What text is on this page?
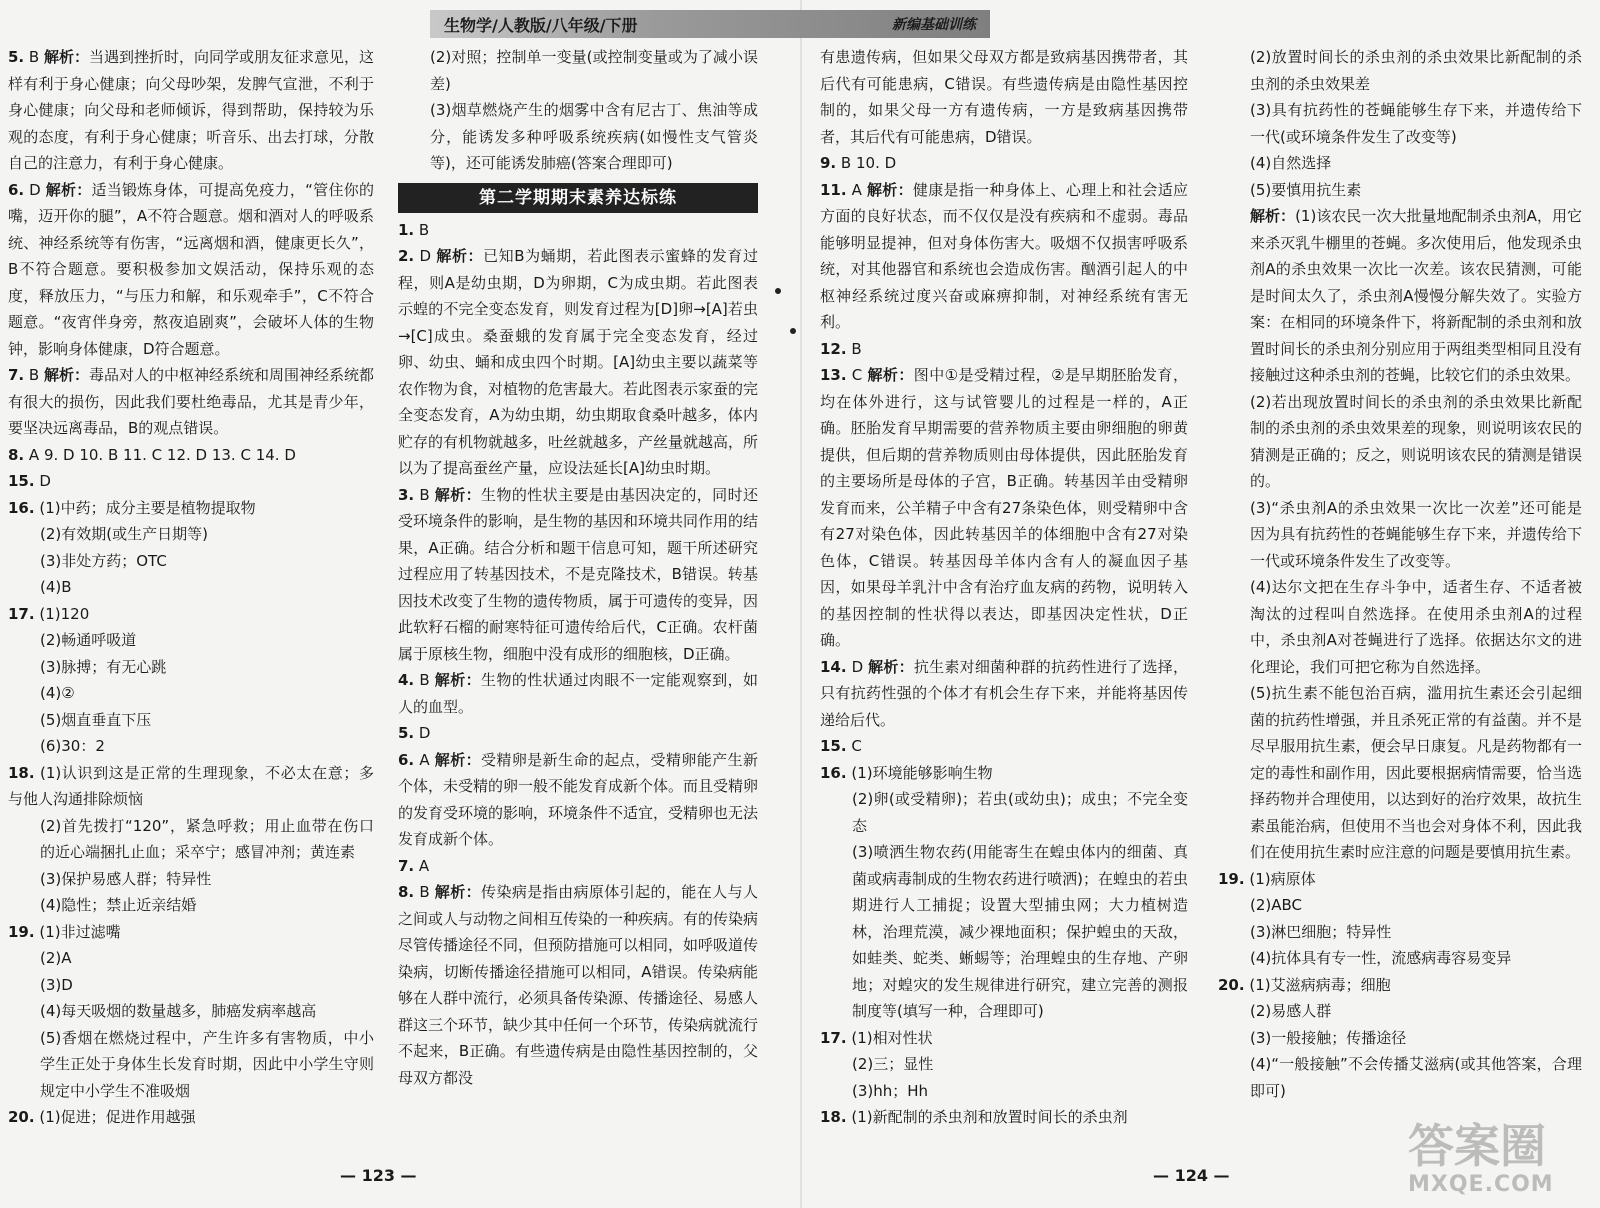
生物学/人教版/八年级/下册	新编基础训练

5. B 解析：当遇到挫折时，向同学或朋友征求意见，这样有利于身心健康；向父母吵架，发脾气宣泄，不利于身心健康；向父母和老师倾诉，得到帮助，保持较为乐观的态度，有利于身心健康；听音乐、出去打球，分散自己的注意力，有利于身心健康。

6. D 解析：适当锻炼身体，可提高免疫力，“管住你的嘴，迈开你的腿”，A不符合题意。烟和酒对人的呼吸系统、神经系统等有伤害，“远离烟和酒，健康更长久”，B不符合题意。要积极参加文娱活动，保持乐观的态度，释放压力，“与压力和解，和乐观牵手”，C不符合题意。“夜宵伴身旁，熬夜追剧爽”，会破坏人体的生物钟，影响身体健康，D符合题意。

7. B 解析：毒品对人的中枢神经系统和周围神经系统都有很大的损伤，因此我们要杜绝毒品，尤其是青少年，要坚决远离毒品，B的观点错误。

8. A 9. D 10. B 11. C 12. D 13. C 14. D

15. D

16. (1)中药；成分主要是植物提取物

(2)有效期(或生产日期等)

(3)非处方药；OTC

(4)B

17. (1)120

(2)畅通呼吸道

(3)脉搏；有无心跳

(4)②

(5)烟直垂直下压

(6)30：2

18. (1)认识到这是正常的生理现象，不必太在意；多与他人沟通排除烦恼

(2)首先拨打“120”，紧急呼救；用止血带在伤口的近心端捆扎止血；采卒宁；感冒冲剂；黄连素

(3)保护易感人群；特异性

(4)隐性；禁止近亲结婚

19. (1)非过滤嘴

(2)A

(3)D

(4)每天吸烟的数量越多，肺癌发病率越高

(5)香烟在燃烧过程中，产生许多有害物质，中小学生正处于身体生长发育时期，因此中小学生守则规定中小学生不准吸烟

20. (1)促进；促进作用越强

(2)对照；控制单一变量(或控制变量或为了减小误差)

(3)烟草燃烧产生的烟雾中含有尼古丁、焦油等成分，能诱发多种呼吸系统疾病(如慢性支气管炎等)，还可能诱发肺癌(答案合理即可)

第二学期期末素养达标练

1. B

2. D 解析：已知B为蛹期，若此图表示蜜蜂的发育过程，则A是幼虫期，D为卵期，C为成虫期。若此图表示蝗的不完全变态发育，则发育过程为[D]卵→[A]若虫→[C]成虫。桑蚕蛾的发育属于完全变态发育，经过卵、幼虫、蛹和成虫四个时期。[A]幼虫主要以蔬菜等农作物为食，对植物的危害最大。若此图表示家蚕的完全变态发育，A为幼虫期，幼虫期取食桑叶越多，体内贮存的有机物就越多，吐丝就越多，产丝量就越高，所以为了提高蚕丝产量，应设法延长[A]幼虫时期。

3. B 解析：生物的性状主要是由基因决定的，同时还受环境条件的影响，是生物的基因和环境共同作用的结果，A正确。结合分析和题干信息可知，题干所述研究过程应用了转基因技术，不是克隆技术，B错误。转基因技术改变了生物的遗传物质，属于可遗传的变异，因此软籽石榴的耐寒特征可遗传给后代，C正确。农杆菌属于原核生物，细胞中没有成形的细胞核，D正确。

4. B 解析：生物的性状通过肉眼不一定能观察到，如人的血型。

5. D

6. A 解析：受精卵是新生命的起点，受精卵能产生新个体，未受精的卵一般不能发育成新个体。而且受精卵的发育受环境的影响，环境条件不适宜，受精卵也无法发育成新个体。

7. A

8. B 解析：传染病是指由病原体引起的，能在人与人之间或人与动物之间相互传染的一种疾病。有的传染病尽管传播途径不同，但预防措施可以相同，如呼吸道传染病，切断传播途径措施可以相同，A错误。传染病能够在人群中流行，必须具备传染源、传播途径、易感人群这三个环节，缺少其中任何一个环节，传染病就流行不起来，B正确。有些遗传病是由隐性基因控制的，父母双方都没

有患遗传病，但如果父母双方都是致病基因携带者，其后代有可能患病，C错误。有些遗传病是由隐性基因控制的，如果父母一方有遗传病，一方是致病基因携带者，其后代有可能患病，D错误。

9. B 10. D

11. A 解析：健康是指一种身体上、心理上和社会适应方面的良好状态，而不仅仅是没有疾病和不虚弱。毒品能够明显提神，但对身体伤害大。吸烟不仅损害呼吸系统，对其他器官和系统也会造成伤害。酗酒引起人的中枢神经系统过度兴奋或麻痹抑制，对神经系统有害无利。

12. B

13. C 解析：图中①是受精过程，②是早期胚胎发育，均在体外进行，这与试管婴儿的过程是一样的，A正确。胚胎发育早期需要的营养物质主要由卵细胞的卵黄提供，但后期的营养物质则由母体提供，因此胚胎发育的主要场所是母体的子宫，B正确。转基因羊由受精卵发育而来，公羊精子中含有27条染色体，则受精卵中含有27对染色体，因此转基因羊的体细胞中含有27对染色体，C错误。转基因母羊体内含有人的凝血因子基因，如果母羊乳汁中含有治疗血友病的药物，说明转入的基因控制的性状得以表达，即基因决定性状，D正确。

14. D 解析：抗生素对细菌种群的抗药性进行了选择，只有抗药性强的个体才有机会生存下来，并能将基因传递给后代。

15. C

16. (1)环境能够影响生物

(2)卵(或受精卵)；若虫(或幼虫)；成虫；不完全变态

(3)喷洒生物农药(用能寄生在蝗虫体内的细菌、真菌或病毒制成的生物农药进行喷洒)；在蝗虫的若虫期进行人工捕捉；设置大型捕虫网；大力植树造林，治理荒漠，减少裸地面积；保护蝗虫的天敌，如蛙类、蛇类、蜥蜴等；治理蝗虫的生存地、产卵地；对蝗灾的发生规律进行研究，建立完善的测报制度等(填写一种，合理即可)

17. (1)相对性状

(2)三；显性

(3)hh；Hh

18. (1)新配制的杀虫剂和放置时间长的杀虫剂

(2)放置时间长的杀虫剂的杀虫效果比新配制的杀虫剂的杀虫效果差

(3)具有抗药性的苍蝇能够生存下来，并遗传给下一代(或环境条件发生了改变等)

(4)自然选择

(5)要慎用抗生素

解析：(1)该农民一次大批量地配制杀虫剂A，用它来杀灭乳牛棚里的苍蝇。多次使用后，他发现杀虫剂A的杀虫效果一次比一次差。该农民猜测，可能是时间太久了，杀虫剂A慢慢分解失效了。实验方案：在相同的环境条件下，将新配制的杀虫剂和放置时间长的杀虫剂分别应用于两组类型相同且没有接触过这种杀虫剂的苍蝇，比较它们的杀虫效果。

(2)若出现放置时间长的杀虫剂的杀虫效果比新配制的杀虫剂的杀虫效果差的现象，则说明该农民的猜测是正确的；反之，则说明该农民的猜测是错误的。

(3)“杀虫剂A的杀虫效果一次比一次差”还可能是因为具有抗药性的苍蝇能够生存下来，并遗传给下一代或环境条件发生了改变等。

(4)达尔文把在生存斗争中，适者生存、不适者被淘汰的过程叫自然选择。在使用杀虫剂A的过程中，杀虫剂A对苍蝇进行了选择。依据达尔文的进化理论，我们可把它称为自然选择。

(5)抗生素不能包治百病，滥用抗生素还会引起细菌的抗药性增强，并且杀死正常的有益菌。并不是尽早服用抗生素，便会早日康复。凡是药物都有一定的毒性和副作用，因此要根据病情需要，恰当选择药物并合理使用，以达到好的治疗效果，故抗生素虽能治病，但使用不当也会对身体不利，因此我们在使用抗生素时应注意的问题是要慎用抗生素。

19. (1)病原体

(2)ABC

(3)淋巴细胞；特异性

(4)抗体具有专一性，流感病毒容易变异

20. (1)艾滋病病毒；细胞

(2)易感人群

(3)一般接触；传播途径

(4)“一般接触”不会传播艾滋病(或其他答案，合理即可)

— 123 —	— 124 —
答案圈
MXQE.COM
